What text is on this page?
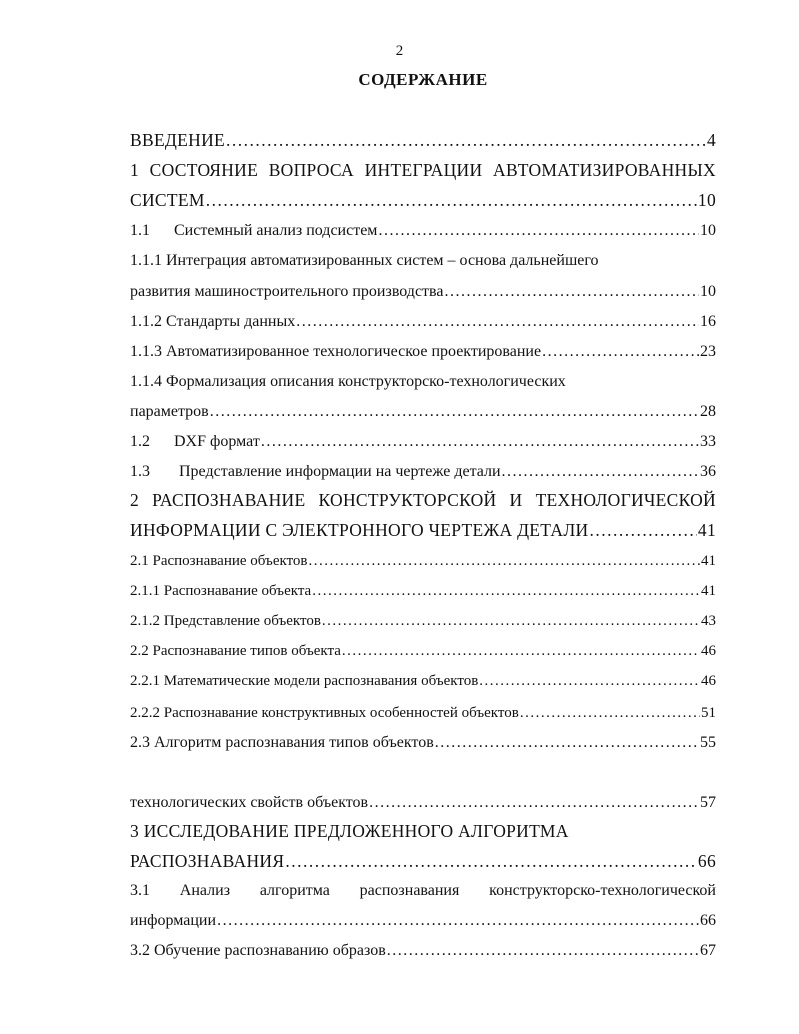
2
СОДЕРЖАНИЕ
ВВЕДЕНИЕ .....	4
1 СОСТОЯНИЕ ВОПРОСА ИНТЕГРАЦИИ АВТОМАТИЗИРОВАННЫХ
СИСТЕМ .....	10
1.1 Системный анализ подсистем .....	10
1.1.1 Интеграция автоматизированных систем – основа дальнейшего
развития машиностроительного производства .....	10
1.1.2 Стандарты данных .....	16
1.1.3 Автоматизированное технологическое проектирование .....	23
1.1.4 Формализация описания конструкторско-технологических
параметров .....	28
1.2 DXF формат .....	33
1.3 Представление информации на чертеже детали .....	36
2 РАСПОЗНАВАНИЕ КОНСТРУКТОРСКОЙ И ТЕХНОЛОГИЧЕСКОЙ
ИНФОРМАЦИИ С ЭЛЕКТРОННОГО ЧЕРТЕЖА ДЕТАЛИ .....	41
2.1 Распознавание объектов .....	41
2.1.1 Распознавание объекта .....	41
2.1.2 Представление объектов .....	43
2.2 Распознавание типов объекта .....	46
2.2.1 Математические модели распознавания объектов .....	46
2.2.2 Распознавание конструктивных особенностей объектов .....	51
2.3 Алгоритм распознавания типов объектов .....	55

технологических свойств объектов .....	57
3 ИССЛЕДОВАНИЕ ПРЕДЛОЖЕННОГО АЛГОРИТМА
РАСПОЗНАВАНИЯ .....	66
3.1 Анализ алгоритма распознавания конструкторско-технологической
информации .....	66
3.2 Обучение распознаванию образов .....	67
